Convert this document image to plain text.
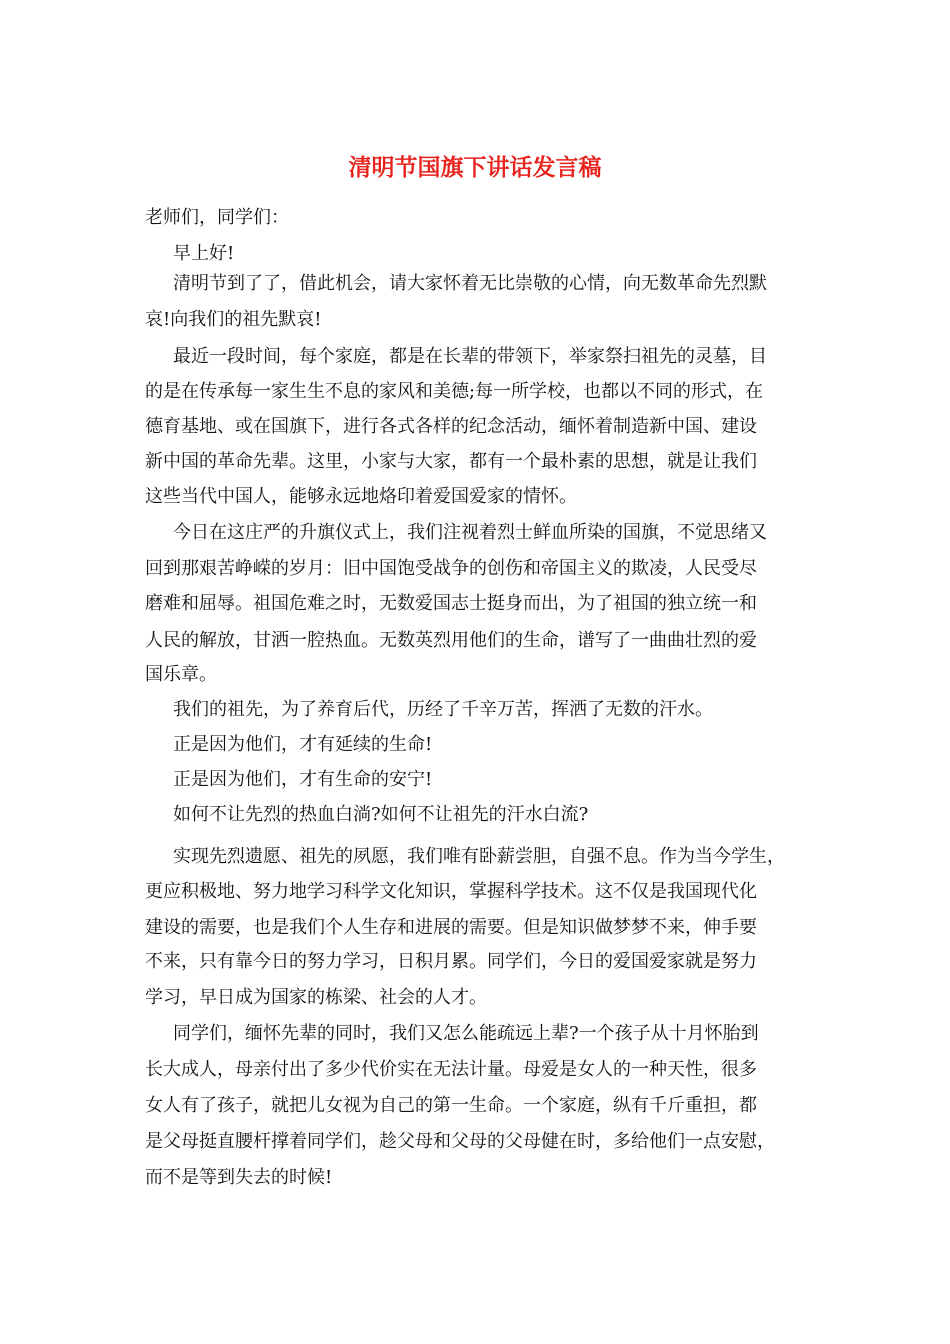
清明节国旗下讲话发言稿
老师们，同学们：
早上好!
清明节到了了，借此机会，请大家怀着无比崇敬的心情，向无数革命先烈默
哀!向我们的祖先默哀!
最近一段时间，每个家庭，都是在长辈的带领下，举家祭扫祖先的灵墓，目
的是在传承每一家生生不息的家风和美德;每一所学校，也都以不同的形式，在
德育基地、或在国旗下，进行各式各样的纪念活动，缅怀着制造新中国、建设
新中国的革命先辈。这里，小家与大家，都有一个最朴素的思想，就是让我们
这些当代中国人，能够永远地烙印着爱国爱家的情怀。
今日在这庄严的升旗仪式上，我们注视着烈士鲜血所染的国旗，不觉思绪又
回到那艰苦峥嵘的岁月：旧中国饱受战争的创伤和帝国主义的欺凌，人民受尽
磨难和屈辱。祖国危难之时，无数爱国志士挺身而出，为了祖国的独立统一和
人民的解放，甘洒一腔热血。无数英烈用他们的生命，谱写了一曲曲壮烈的爱
国乐章。
我们的祖先，为了养育后代，历经了千辛万苦，挥洒了无数的汗水。
正是因为他们，才有延续的生命!
正是因为他们，才有生命的安宁!
如何不让先烈的热血白淌?如何不让祖先的汗水白流?
实现先烈遗愿、祖先的夙愿，我们唯有卧薪尝胆，自强不息。作为当今学生，
更应积极地、努力地学习科学文化知识，掌握科学技术。这不仅是我国现代化
建设的需要，也是我们个人生存和进展的需要。但是知识做梦梦不来，伸手要
不来，只有靠今日的努力学习，日积月累。同学们，今日的爱国爱家就是努力
学习，早日成为国家的栋梁、社会的人才。
同学们，缅怀先辈的同时，我们又怎么能疏远上辈?一个孩子从十月怀胎到
长大成人，母亲付出了多少代价实在无法计量。母爱是女人的一种天性，很多
女人有了孩子，就把儿女视为自己的第一生命。一个家庭，纵有千斤重担，都
是父母挺直腰杆撑着同学们，趁父母和父母的父母健在时，多给他们一点安慰，
而不是等到失去的时候!
